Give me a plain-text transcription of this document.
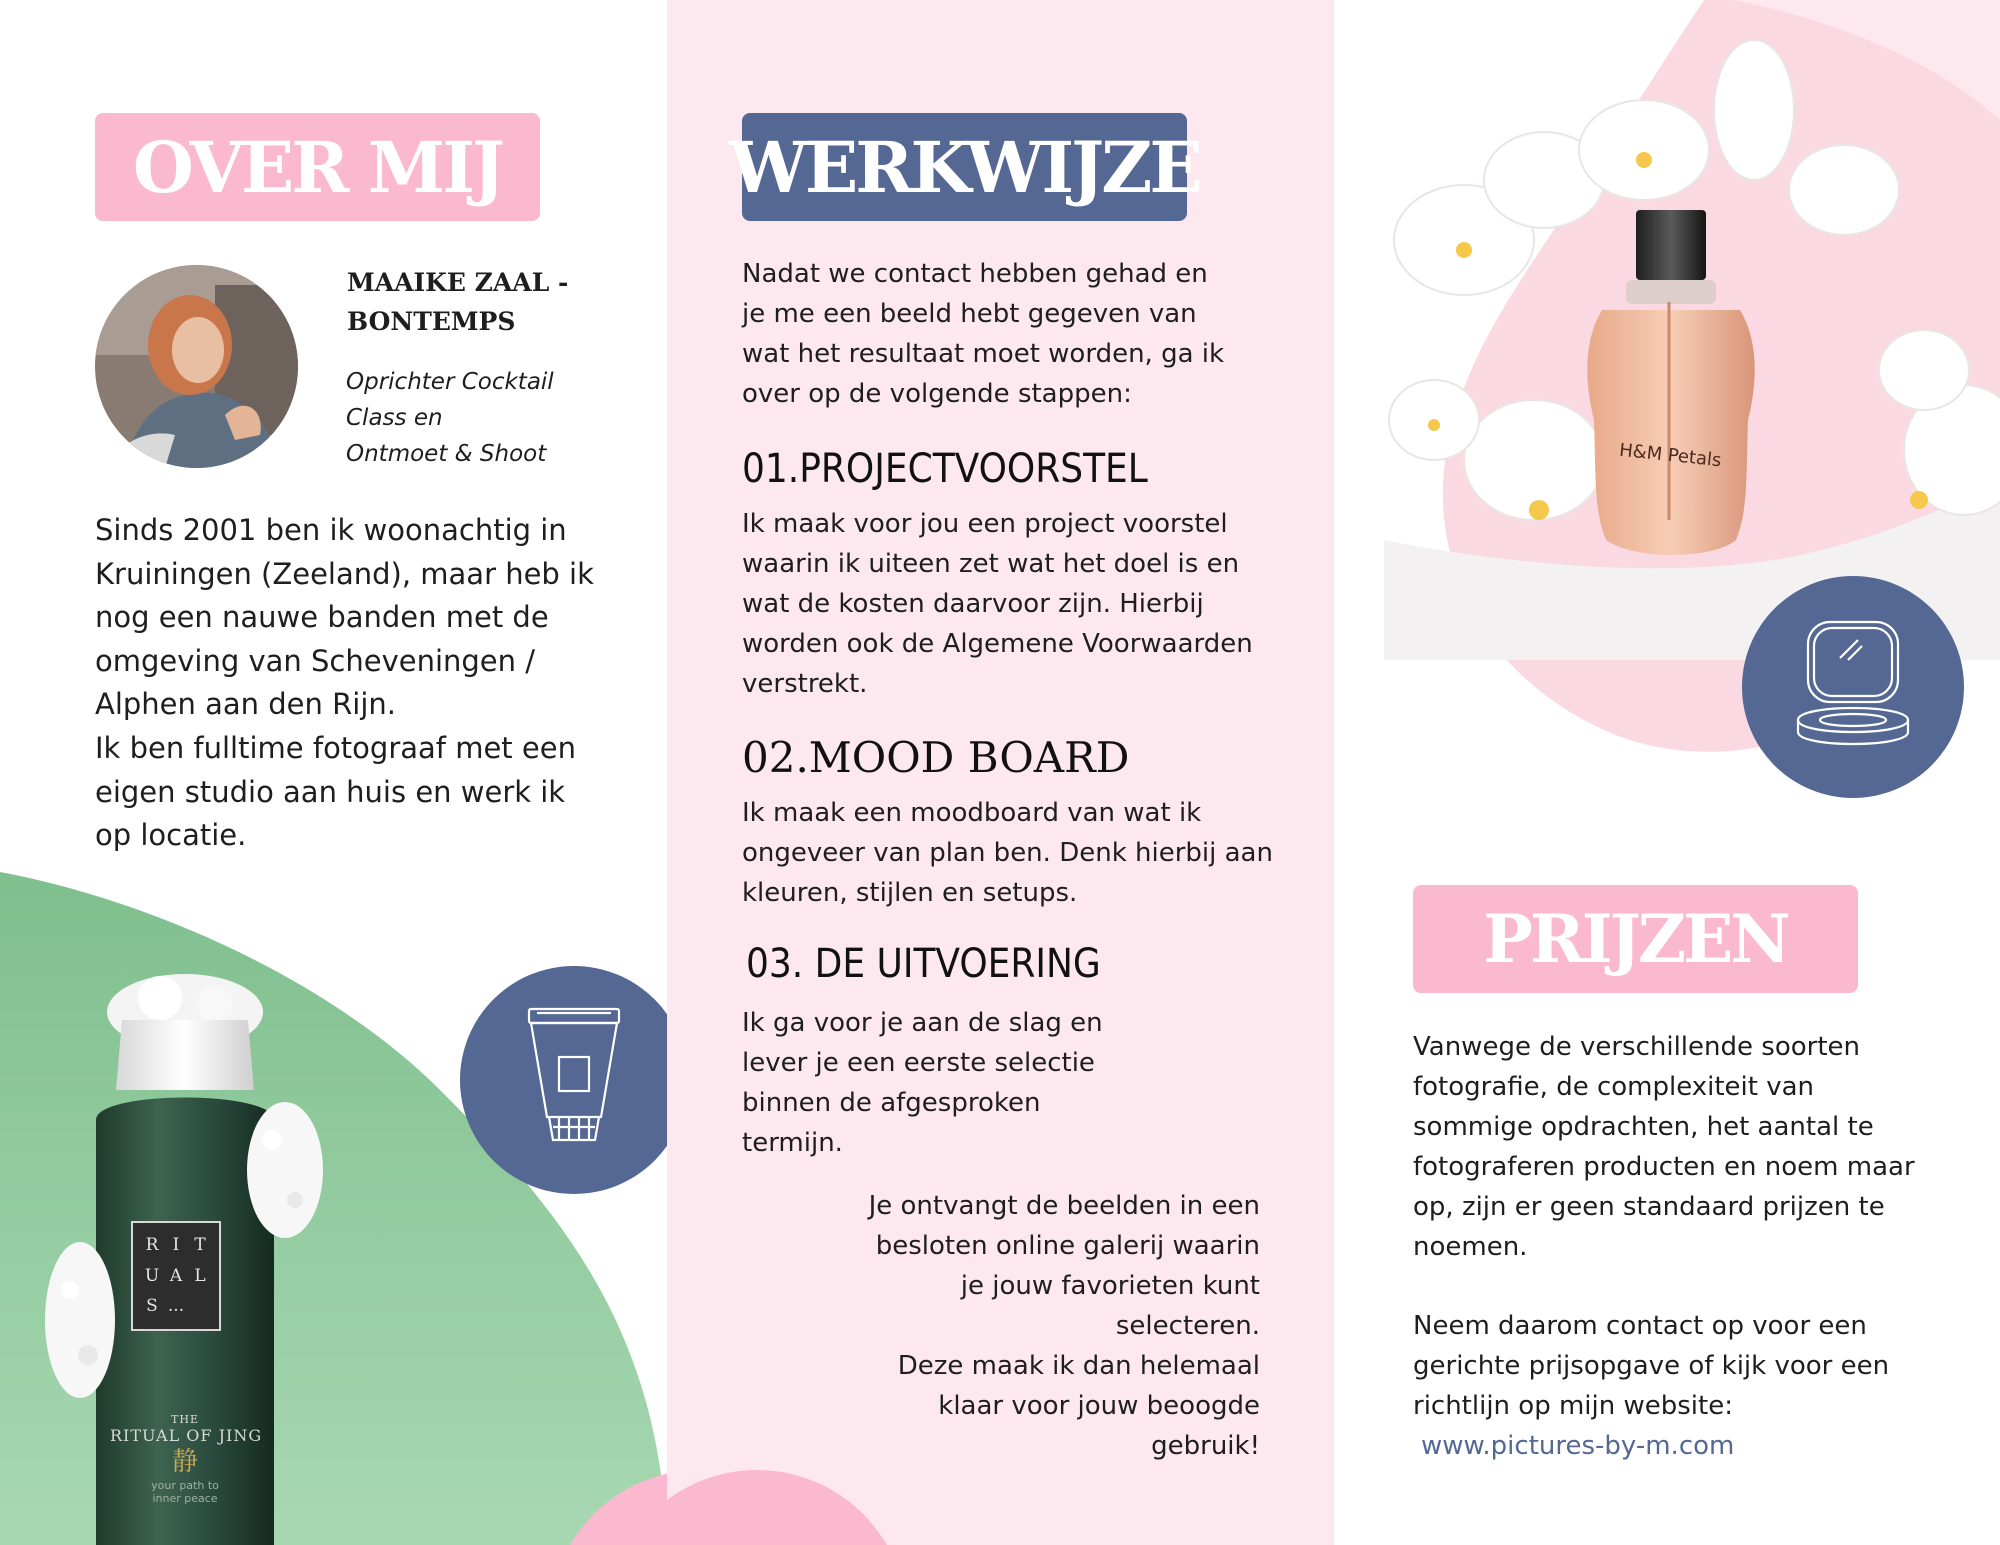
OVER MIJ
MAAIKE ZAAL -
BONTEMPS
Oprichter Cocktail
Class en
Ontmoet & Shoot
Sinds 2001 ben ik woonachtig in
Kruiningen (Zeeland), maar heb ik
nog een nauwe banden met de
omgeving van Scheveningen /
Alphen aan den Rijn.
Ik ben fulltime fotograaf met een
eigen studio aan huis en werk ik
op locatie.
R I T
U A L
S ...
THE
RITUAL OF JING
静
your path to
inner peace
WERKWIJZE
Nadat we contact hebben gehad en
je me een beeld hebt gegeven van
wat het resultaat moet worden, ga ik
over op de volgende stappen:
01.PROJECTVOORSTEL
Ik maak voor jou een project voorstel
waarin ik uiteen zet wat het doel is en
wat de kosten daarvoor zijn. Hierbij
worden ook de Algemene Voorwaarden
verstrekt.
02.MOOD BOARD
Ik maak een moodboard van wat ik
ongeveer van plan ben. Denk hierbij aan
kleuren, stijlen en setups.
03. DE UITVOERING
Ik ga voor je aan de slag en
lever je een eerste selectie
binnen de afgesproken
termijn.
Je ontvangt de beelden in een
besloten online galerij waarin
je jouw favorieten kunt
selecteren.
Deze maak ik dan helemaal
klaar voor jouw beoogde
gebruik!
H&M Petals
PRIJZEN
Vanwege de verschillende soorten
fotografie, de complexiteit van
sommige opdrachten, het aantal te
fotograferen producten en noem maar
op, zijn er geen standaard prijzen te
noemen.
Neem daarom contact op voor een
gerichte prijsopgave of kijk voor een
richtlijn op mijn website:
www.pictures-by-m.com
